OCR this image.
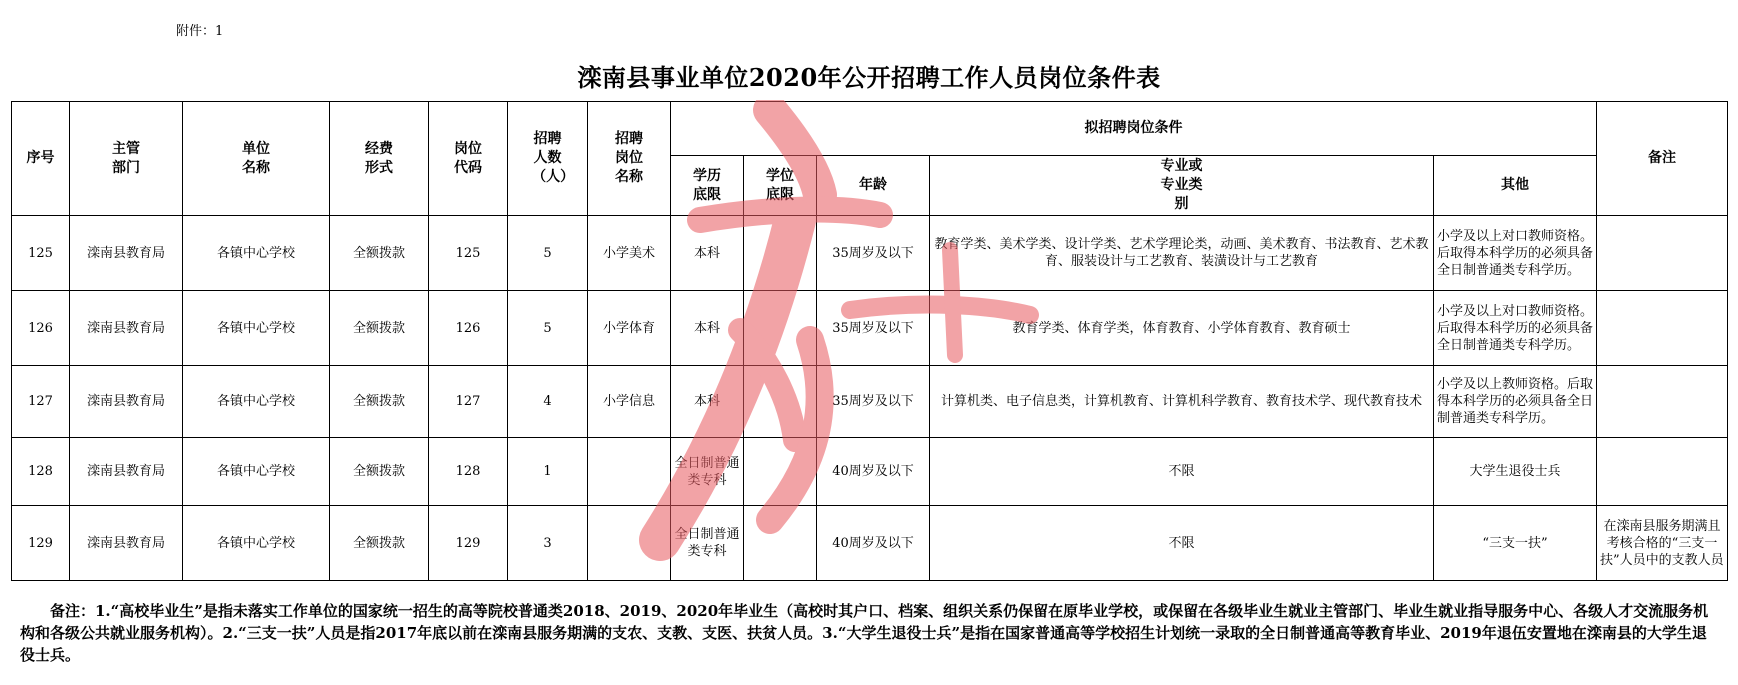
附件：1
滦南县事业单位2020年公开招聘工作人员岗位条件表
序号	主管部门	单位名称	经费形式	岗位代码	招聘人数（人）	招聘岗位名称	拟招聘岗位条件					备注

							学历底限	学位底限	年龄	专业或专业类别	其他	
125	滦南县教育局	各镇中心学校	全额拨款	125	5	小学美术	本科		35周岁及以下	教育学类、美术学类、设计学类、艺术学理论类，动画、美术教育、书法教育、艺术教育、服装设计与工艺教育、装潢设计与工艺教育	小学及以上对口教师资格。后取得本科学历的必须具备全日制普通类专科学历。	
126	滦南县教育局	各镇中心学校	全额拨款	126	5	小学体育	本科		35周岁及以下	教育学类、体育学类，体育教育、小学体育教育、教育硕士	小学及以上对口教师资格。后取得本科学历的必须具备全日制普通类专科学历。	
127	滦南县教育局	各镇中心学校	全额拨款	127	4	小学信息	本科		35周岁及以下	计算机类、电子信息类，计算机教育、计算机科学教育、教育技术学、现代教育技术	小学及以上教师资格。后取得本科学历的必须具备全日制普通类专科学历。	
128	滦南县教育局	各镇中心学校	全额拨款	128	1		全日制普通类专科		40周岁及以下	不限	大学生退役士兵	
129	滦南县教育局	各镇中心学校	全额拨款	129	3		全日制普通类专科		40周岁及以下	不限	“三支一扶”	在滦南县服务期满且考核合格的“三支一扶”人员中的支教人员
备注：1.“高校毕业生”是指未落实工作单位的国家统一招生的高等院校普通类2018、2019、2020年毕业生（高校时其户口、档案、组织关系仍保留在原毕业学校，或保留在各级毕业生就业主管部门、毕业生就业指导服务中心、各级人才交流服务机构和各级公共就业服务机构）。2.“三支一扶”人员是指2017年底以前在滦南县服务期满的支农、支教、支医、扶贫人员。3.“大学生退役士兵”是指在国家普通高等学校招生计划统一录取的全日制普通高等教育毕业、2019年退伍安置地在滦南县的大学生退役士兵。
